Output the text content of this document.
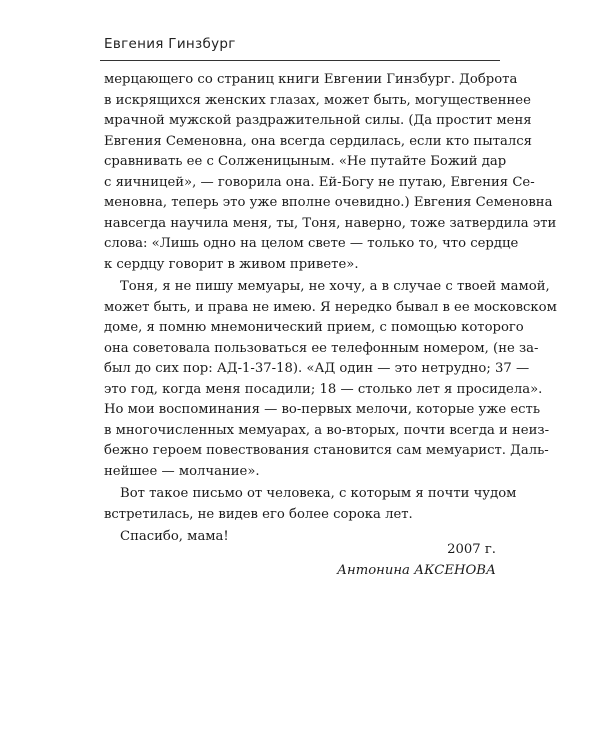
Евгения Гинзбург
мерцающего со страниц книги Евгении Гинзбург. Доброта
в искрящихся женских глазах, может быть, могущественнее
мрачной мужской раздражительной силы. (Да простит меня
Евгения Семеновна, она всегда сердилась, если кто пытался
сравнивать ее с Солженицыным. «Не путайте Божий дар
с яичницей», — говорила она. Ей-Богу не путаю, Евгения Се-
меновна, теперь это уже вполне очевидно.) Евгения Семеновна
навсегда научила меня, ты, Тоня, наверно, тоже затвердила эти
слова: «Лишь одно на целом свете — только то, что сердце
к сердцу говорит в живом привете».
Тоня, я не пишу мемуары, не хочу, а в случае с твоей мамой,
может быть, и права не имею. Я нередко бывал в ее московском
доме, я помню мнемонический прием, с помощью которого
она советовала пользоваться ее телефонным номером, (не за-
был до сих пор: АД-1-37-18). «АД один — это нетрудно; 37 —
это год, когда меня посадили; 18 — столько лет я просидела».
Но мои воспоминания — во-первых мелочи, которые уже есть
в многочисленных мемуарах, а во-вторых, почти всегда и неиз-
бежно героем повествования становится сам мемуарист. Даль-
нейшее — молчание».
Вот такое письмо от человека, с которым я почти чудом
встретилась, не видев его более сорока лет.
Спасибо, мама!
2007 г.
Антонина АКСЕНОВА
